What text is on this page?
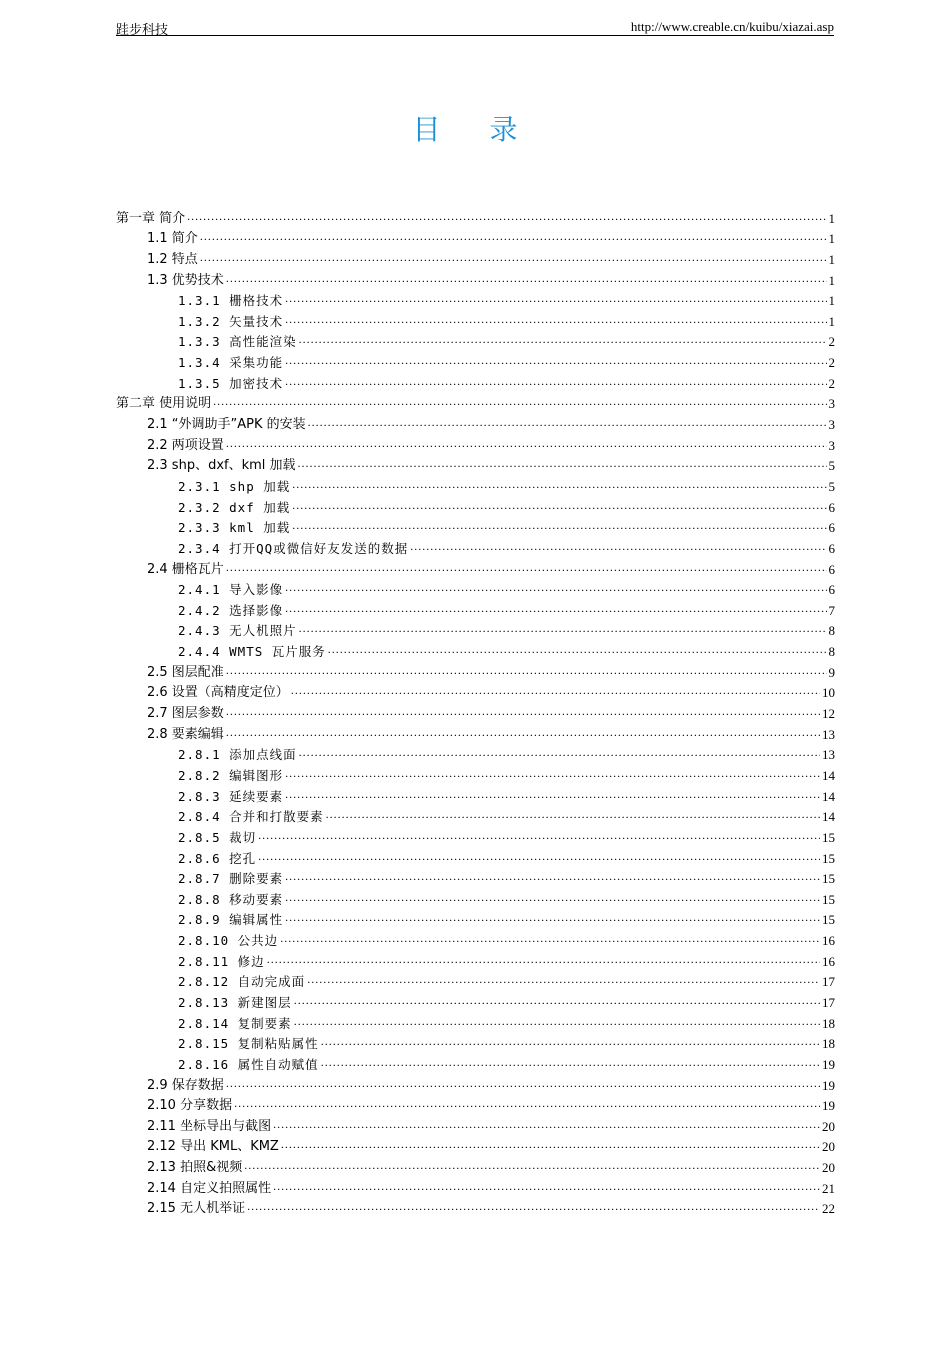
跬步科技	http://www.creable.cn/kuibu/xiazai.asp
目 录
第一章 简介 .....	1
1.1 简介 .....	1
1.2 特点 .....	1
1.3 优势技术 .....	1
1.3.1 栅格技术 .....	1
1.3.2 矢量技术 .....	1
1.3.3 高性能渲染 .....	2
1.3.4 采集功能 .....	2
1.3.5 加密技术 .....	2
第二章 使用说明 .....	3
2.1 “外调助手”APK 的安装 .....	3
2.2 两项设置 .....	3
2.3 shp、dxf、kml 加载 .....	5
2.3.1 shp 加载 .....	5
2.3.2 dxf 加载 .....	6
2.3.3 kml 加载 .....	6
2.3.4 打开QQ或微信好友发送的数据 .....	6
2.4 栅格瓦片 .....	6
2.4.1 导入影像 .....	6
2.4.2 选择影像 .....	7
2.4.3 无人机照片 .....	8
2.4.4 WMTS 瓦片服务 .....	8
2.5 图层配准 .....	9
2.6 设置（高精度定位） .....	10
2.7 图层参数 .....	12
2.8 要素编辑 .....	13
2.8.1 添加点线面 .....	13
2.8.2 编辑图形 .....	14
2.8.3 延续要素 .....	14
2.8.4 合并和打散要素 .....	14
2.8.5 裁切 .....	15
2.8.6 挖孔 .....	15
2.8.7 删除要素 .....	15
2.8.8 移动要素 .....	15
2.8.9 编辑属性 .....	15
2.8.10 公共边 .....	16
2.8.11 修边 .....	16
2.8.12 自动完成面 .....	17
2.8.13 新建图层 .....	17
2.8.14 复制要素 .....	18
2.8.15 复制粘贴属性 .....	18
2.8.16 属性自动赋值 .....	19
2.9 保存数据 .....	19
2.10 分享数据 .....	19
2.11 坐标导出与截图 .....	20
2.12 导出 KML、KMZ .....	20
2.13 拍照&视频 .....	20
2.14 自定义拍照属性 .....	21
2.15 无人机举证 .....	22
